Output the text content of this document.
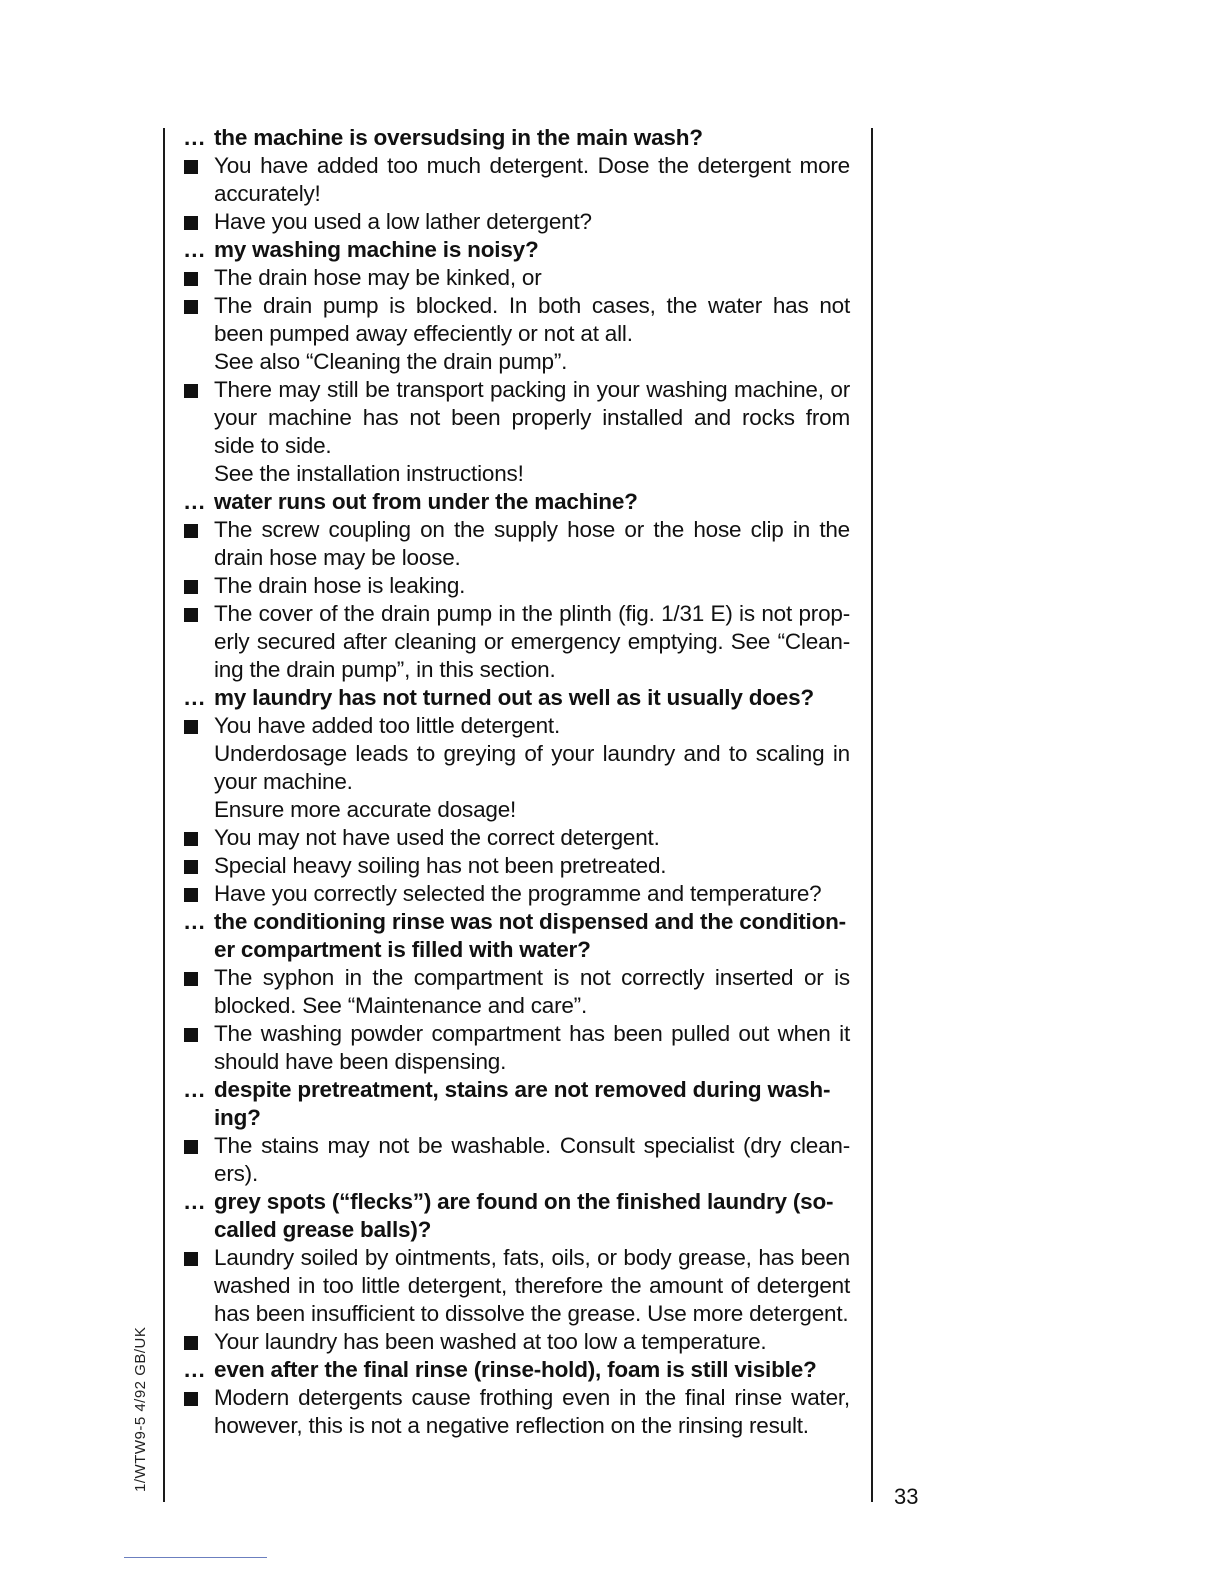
... the machine is oversudsing in the main wash?

You have added too much detergent. Dose the detergent more accurately!

Have you used a low lather detergent?

... my washing machine is noisy?

The drain hose may be kinked, or

The drain pump is blocked. In both cases, the water has not been pumped away effeciently or not at all.

See also “Cleaning the drain pump”.

There may still be transport packing in your washing machine, or your machine has not been properly installed and rocks from side to side.

See the installation instructions!

... water runs out from under the machine?

The screw coupling on the supply hose or the hose clip in the drain hose may be loose.

The drain hose is leaking.

The cover of the drain pump in the plinth (fig. 1/31 E) is not prop-erly secured after cleaning or emergency emptying. See “Clean-ing the drain pump”, in this section.

... my laundry has not turned out as well as it usually does?

You have added too little detergent.

Underdosage leads to greying of your laundry and to scaling in your machine.

Ensure more accurate dosage!

You may not have used the correct detergent.

Special heavy soiling has not been pretreated.

Have you correctly selected the programme and temperature?

... the conditioning rinse was not dispensed and the condition-er compartment is filled with water?

The syphon in the compartment is not correctly inserted or is blocked. See “Maintenance and care”.

The washing powder compartment has been pulled out when it should have been dispensing.

... despite pretreatment, stains are not removed during wash-ing?

The stains may not be washable. Consult specialist (dry clean-ers).

... grey spots (“flecks”) are found on the finished laundry (so-called grease balls)?

Laundry soiled by ointments, fats, oils, or body grease, has been washed in too little detergent, therefore the amount of detergent has been insufficient to dissolve the grease. Use more detergent.

Your laundry has been washed at too low a temperature.

... even after the final rinse (rinse-hold), foam is still visible?

Modern detergents cause frothing even in the final rinse water, however, this is not a negative reflection on the rinsing result.

1/WTW9-5 4/92 GB/UK
33
